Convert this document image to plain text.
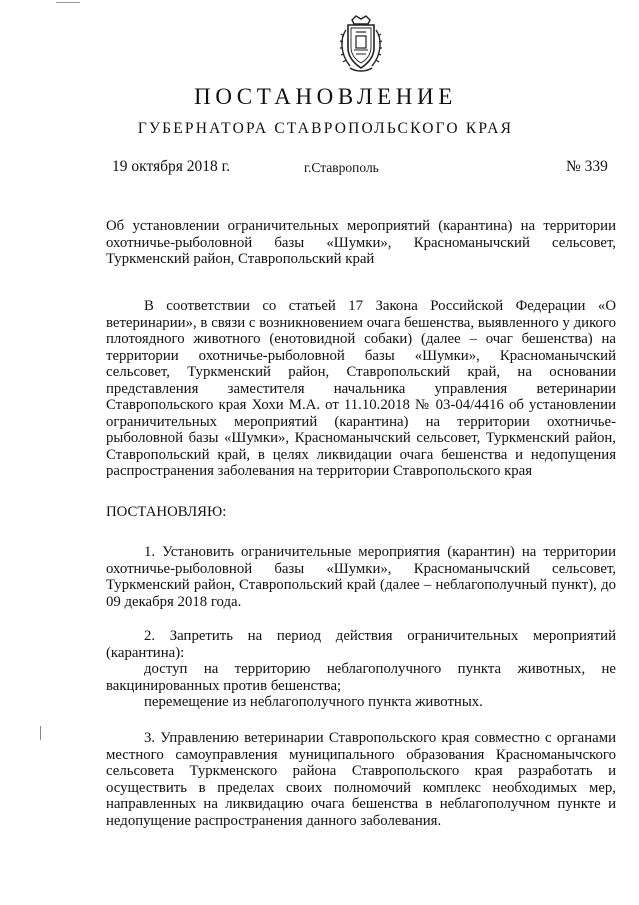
ПОСТАНОВЛЕНИЕ
ГУБЕРНАТОРА СТАВРОПОЛЬСКОГО КРАЯ
19 октября 2018 г.	г.Ставрополь	№ 339
Об установлении ограничительных мероприятий (карантина) на территории охотничье-рыболовной базы «Шумки», Красноманычский сельсовет, Туркменский район, Ставропольский край
В соответствии со статьей 17 Закона Российской Федерации «О ветеринарии», в связи с возникновением очага бешенства, выявленного у дикого плотоядного животного (енотовидной собаки) (далее – очаг бешенства) на территории охотничье-рыболовной базы «Шумки», Красноманычский сельсовет, Туркменский район, Ставропольский край, на основании представления заместителя начальника управления ветеринарии Ставропольского края Хохи М.А. от 11.10.2018 № 03-04/4416 об установлении ограничительных мероприятий (карантина) на территории охотничье-рыболовной базы «Шумки», Красноманычский сельсовет, Туркменский район, Ставропольский край, в целях ликвидации очага бешенства и недопущения распространения заболевания на территории Ставропольского края
ПОСТАНОВЛЯЮ:
1. Установить ограничительные мероприятия (карантин) на территории охотничье-рыболовной базы «Шумки», Красноманычский сельсовет, Туркменский район, Ставропольский край (далее – неблагополучный пункт), до 09 декабря 2018 года.

2. Запретить на период действия ограничительных мероприятий (карантина):

доступ на территорию неблагополучного пункта животных, не вакцинированных против бешенства;

перемещение из неблагополучного пункта животных.

3. Управлению ветеринарии Ставропольского края совместно с органами местного самоуправления муниципального образования Красноманычского сельсовета Туркменского района Ставропольского края разработать и осуществить в пределах своих полномочий комплекс необходимых мер, направленных на ликвидацию очага бешенства в неблагополучном пункте и недопущение распространения данного заболевания.
